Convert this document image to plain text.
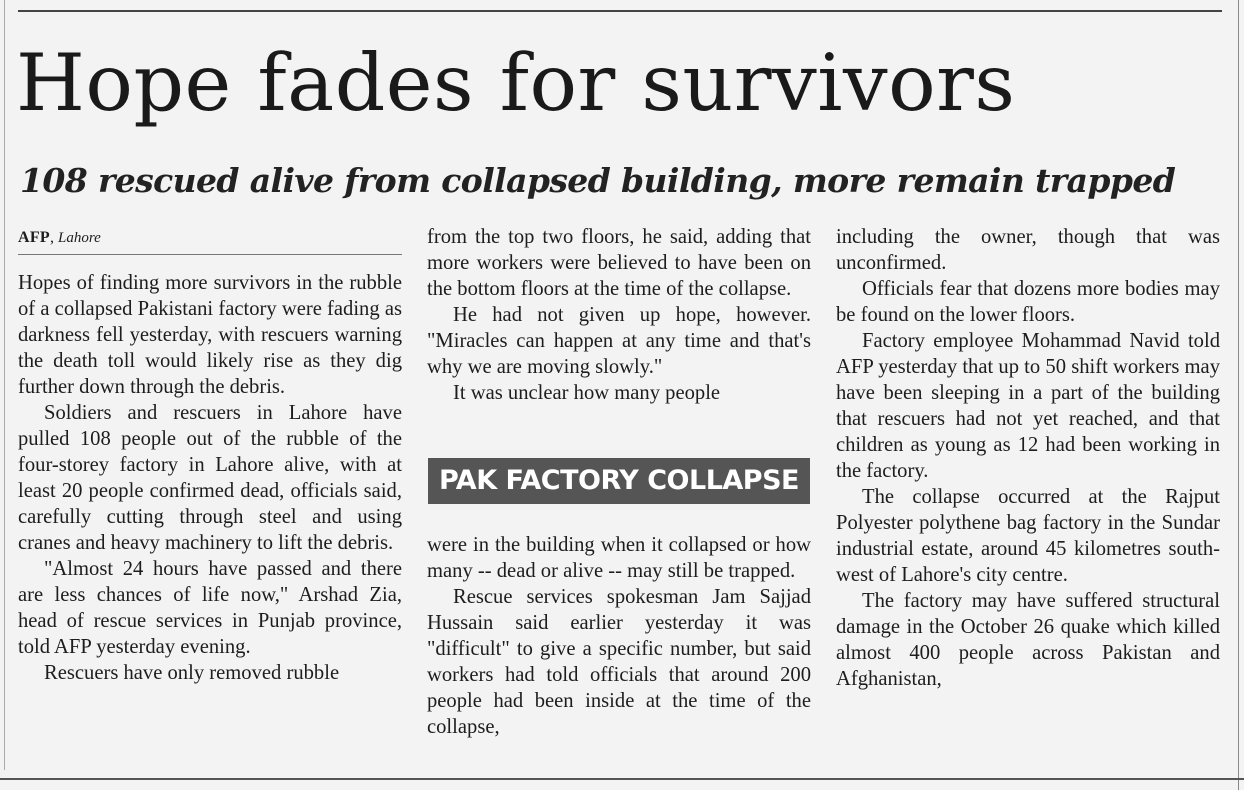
Hope fades for survivors
108 rescued alive from collapsed building, more remain trapped
AFP, Lahore

Hopes of finding more survivors in the rubble of a collapsed Pakistani factory were fading as darkness fell yesterday, with rescuers warning the death toll would likely rise as they dig further down through the debris.

Soldiers and rescuers in Lahore have pulled 108 people out of the rubble of the four-storey factory in Lahore alive, with at least 20 people confirmed dead, officials said, carefully cutting through steel and using cranes and heavy machinery to lift the debris.

"Almost 24 hours have passed and there are less chances of life now," Arshad Zia, head of rescue services in Punjab province, told AFP yesterday evening.

Rescuers have only removed rubble

from the top two floors, he said, adding that more workers were believed to have been on the bottom floors at the time of the collapse.

He had not given up hope, however. "Miracles can happen at any time and that's why we are moving slowly."

It was unclear how many people

PAK FACTORY COLLAPSE

were in the building when it collapsed or how many -- dead or alive -- may still be trapped.

Rescue services spokesman Jam Sajjad Hussain said earlier yesterday it was "difficult" to give a specific number, but said workers had told officials that around 200 people had been inside at the time of the collapse,

including the owner, though that was unconfirmed.

Officials fear that dozens more bodies may be found on the lower floors.

Factory employee Mohammad Navid told AFP yesterday that up to 50 shift workers may have been sleeping in a part of the building that rescuers had not yet reached, and that children as young as 12 had been working in the factory.

The collapse occurred at the Rajput Polyester polythene bag factory in the Sundar industrial estate, around 45 kilometres south-west of Lahore's city centre.

The factory may have suffered structural damage in the October 26 quake which killed almost 400 people across Pakistan and Afghanistan,
